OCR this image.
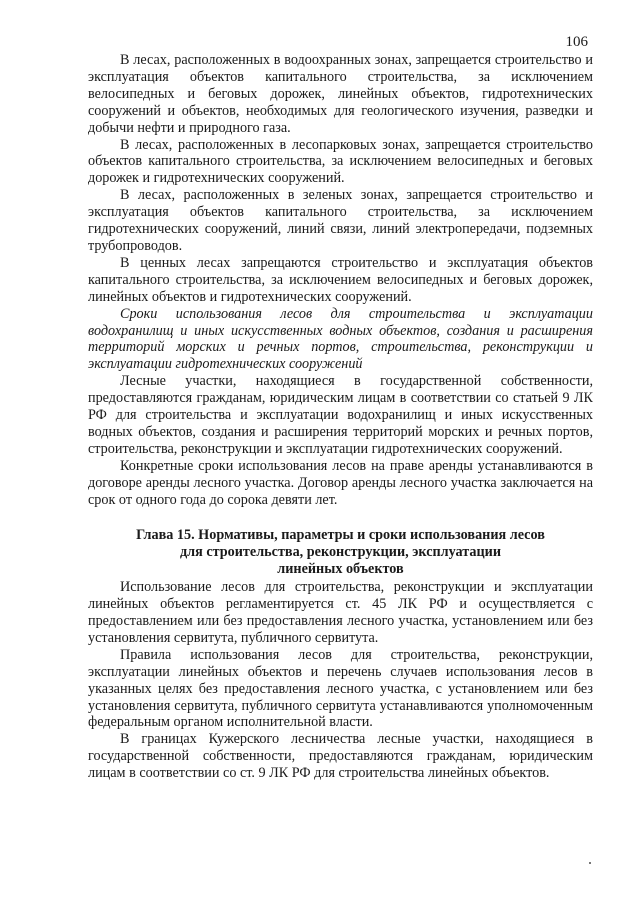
106

В лесах, расположенных в водоохранных зонах, запрещается строительство и эксплуатация объектов капитального строительства, за исключением велосипедных и беговых дорожек, линейных объектов, гидротехнических сооружений и объектов, необходимых для геологического изучения, разведки и добычи нефти и природного газа.

В лесах, расположенных в лесопарковых зонах, запрещается строительство объектов капитального строительства, за исключением велосипедных и беговых дорожек и гидротехнических сооружений.

В лесах, расположенных в зеленых зонах, запрещается строительство и эксплуатация объектов капитального строительства, за исключением гидротехнических сооружений, линий связи, линий электропередачи, подземных трубопроводов.

В ценных лесах запрещаются строительство и эксплуатация объектов капитального строительства, за исключением велосипедных и беговых дорожек, линейных объектов и гидротехнических сооружений.

Сроки использования лесов для строительства и эксплуатации водохранилищ и иных искусственных водных объектов, создания и расширения территорий морских и речных портов, строительства, реконструкции и эксплуатации гидротехнических сооружений

Лесные участки, находящиеся в государственной собственности, предоставляются гражданам, юридическим лицам в соответствии со статьей 9 ЛК РФ для строительства и эксплуатации водохранилищ и иных искусственных водных объектов, создания и расширения территорий морских и речных портов, строительства, реконструкции и эксплуатации гидротехнических сооружений.

Конкретные сроки использования лесов на праве аренды устанавливаются в договоре аренды лесного участка. Договор аренды лесного участка заключается на срок от одного года до сорока девяти лет.

Глава 15. Нормативы, параметры и сроки использования лесов
для строительства, реконструкции, эксплуатации
линейных объектов

Использование лесов для строительства, реконструкции и эксплуатации линейных объектов регламентируется ст. 45 ЛК РФ и осуществляется с предоставлением или без предоставления лесного участка, установлением или без установления сервитута, публичного сервитута.

Правила использования лесов для строительства, реконструкции, эксплуатации линейных объектов и перечень случаев использования лесов в указанных целях без предоставления лесного участка, с установлением или без установления сервитута, публичного сервитута устанавливаются уполномоченным федеральным органом исполнительной власти.

В границах Кужерского лесничества лесные участки, находящиеся в государственной собственности, предоставляются гражданам, юридическим лицам в соответствии со ст. 9 ЛК РФ для строительства линейных объектов.
